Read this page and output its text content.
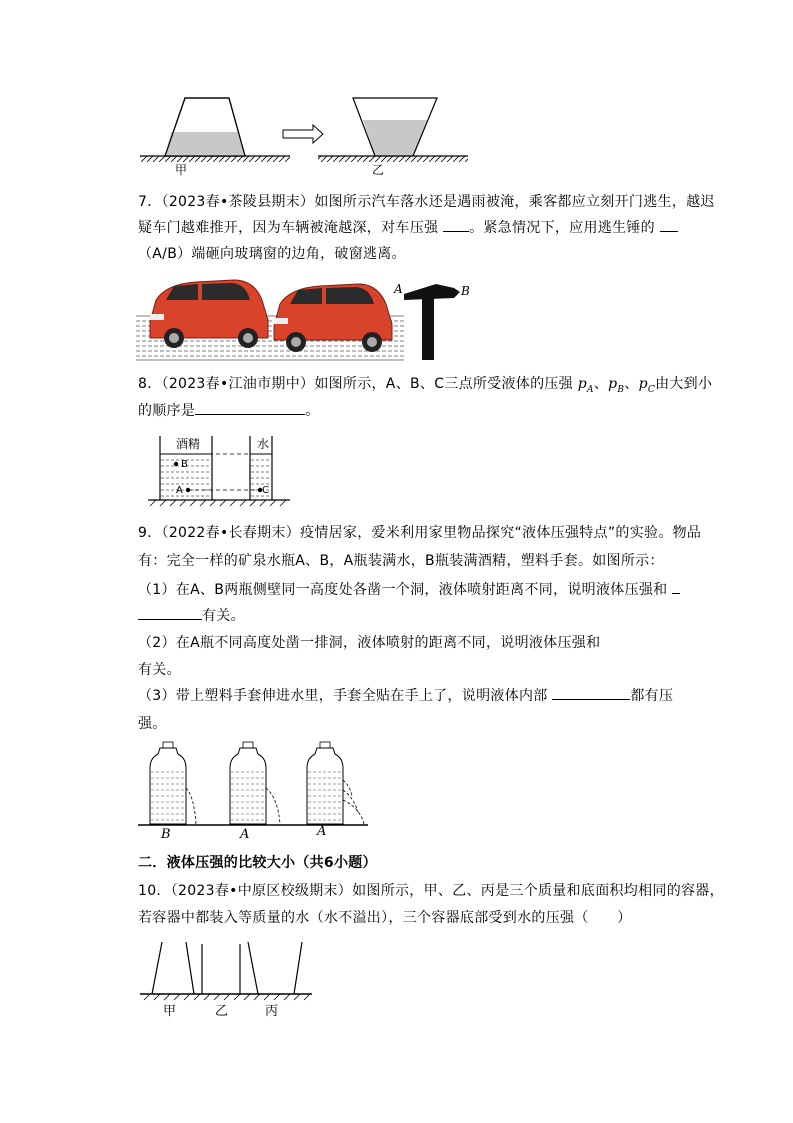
甲	乙
7．（2023春•茶陵县期末）如图所示汽车落水还是遇雨被淹，乘客都应立刻开门逃生，越迟
疑车门越难推开，因为车辆被淹越深，对车压强 。紧急情况下，应用逃生锤的
（A/B）端砸向玻璃窗的边角，破窗逃离。
A	B
8．（2023春•江油市期中）如图所示，A、B、C三点所受液体的压强 $p_A$、$p_B$、$p_C$由大到小
的顺序是	。
酒精	水
B
A	C
9．（2022春•长春期末）疫情居家，爱米利用家里物品探究“液体压强特点”的实验。物品
有：完全一样的矿泉水瓶A、B，A瓶装满水，B瓶装满酒精，塑料手套。如图所示：
（1）在A、B两瓶侧壁同一高度处各凿一个洞，液体喷射距离不同，说明液体压强和
有关。
（2）在A瓶不同高度处凿一排洞，液体喷射的距离不同，说明液体压强和
有关。
（3）带上塑料手套伸进水里，手套全贴在手上了，说明液体内部	都有压
强。
B	A	A
二．液体压强的比较大小（共6小题）
10．（2023春•中原区校级期末）如图所示，甲、乙、丙是三个质量和底面积均相同的容器，
若容器中都装入等质量的水（水不溢出），三个容器底部受到水的压强（　　）
甲	乙	丙
